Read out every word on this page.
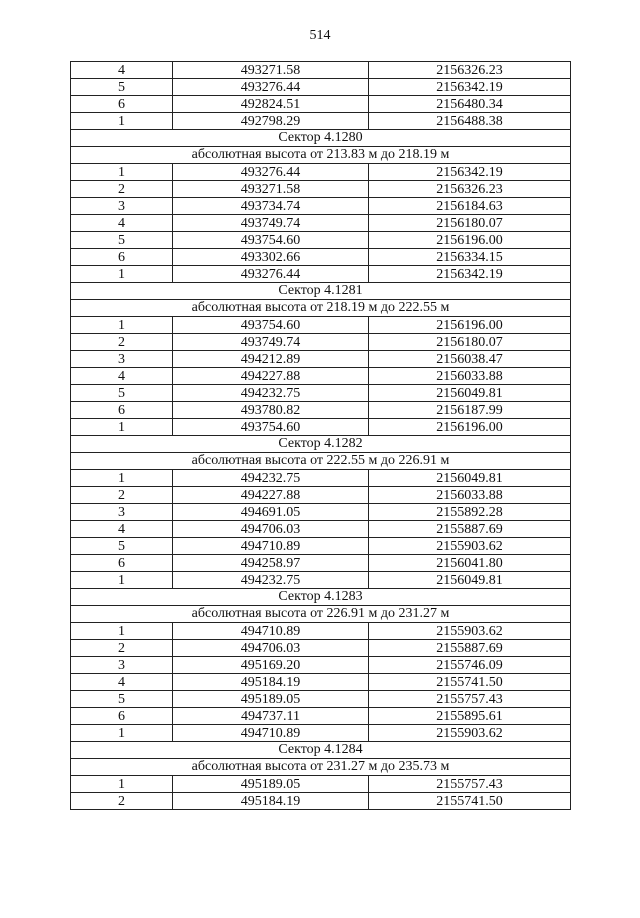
514
4	493271.58	2156326.23
5	493276.44	2156342.19
6	492824.51	2156480.34
1	492798.29	2156488.38
Сектор 4.1280		
абсолютная высота от 213.83 м до 218.19 м		
1	493276.44	2156342.19
2	493271.58	2156326.23
3	493734.74	2156184.63
4	493749.74	2156180.07
5	493754.60	2156196.00
6	493302.66	2156334.15
1	493276.44	2156342.19
Сектор 4.1281		
абсолютная высота от 218.19 м до 222.55 м		
1	493754.60	2156196.00
2	493749.74	2156180.07
3	494212.89	2156038.47
4	494227.88	2156033.88
5	494232.75	2156049.81
6	493780.82	2156187.99
1	493754.60	2156196.00
Сектор 4.1282		
абсолютная высота от 222.55 м до 226.91 м		
1	494232.75	2156049.81
2	494227.88	2156033.88
3	494691.05	2155892.28
4	494706.03	2155887.69
5	494710.89	2155903.62
6	494258.97	2156041.80
1	494232.75	2156049.81
Сектор 4.1283		
абсолютная высота от 226.91 м до 231.27 м		
1	494710.89	2155903.62
2	494706.03	2155887.69
3	495169.20	2155746.09
4	495184.19	2155741.50
5	495189.05	2155757.43
6	494737.11	2155895.61
1	494710.89	2155903.62
Сектор 4.1284		
абсолютная высота от 231.27 м до 235.73 м		
1	495189.05	2155757.43
2	495184.19	2155741.50
